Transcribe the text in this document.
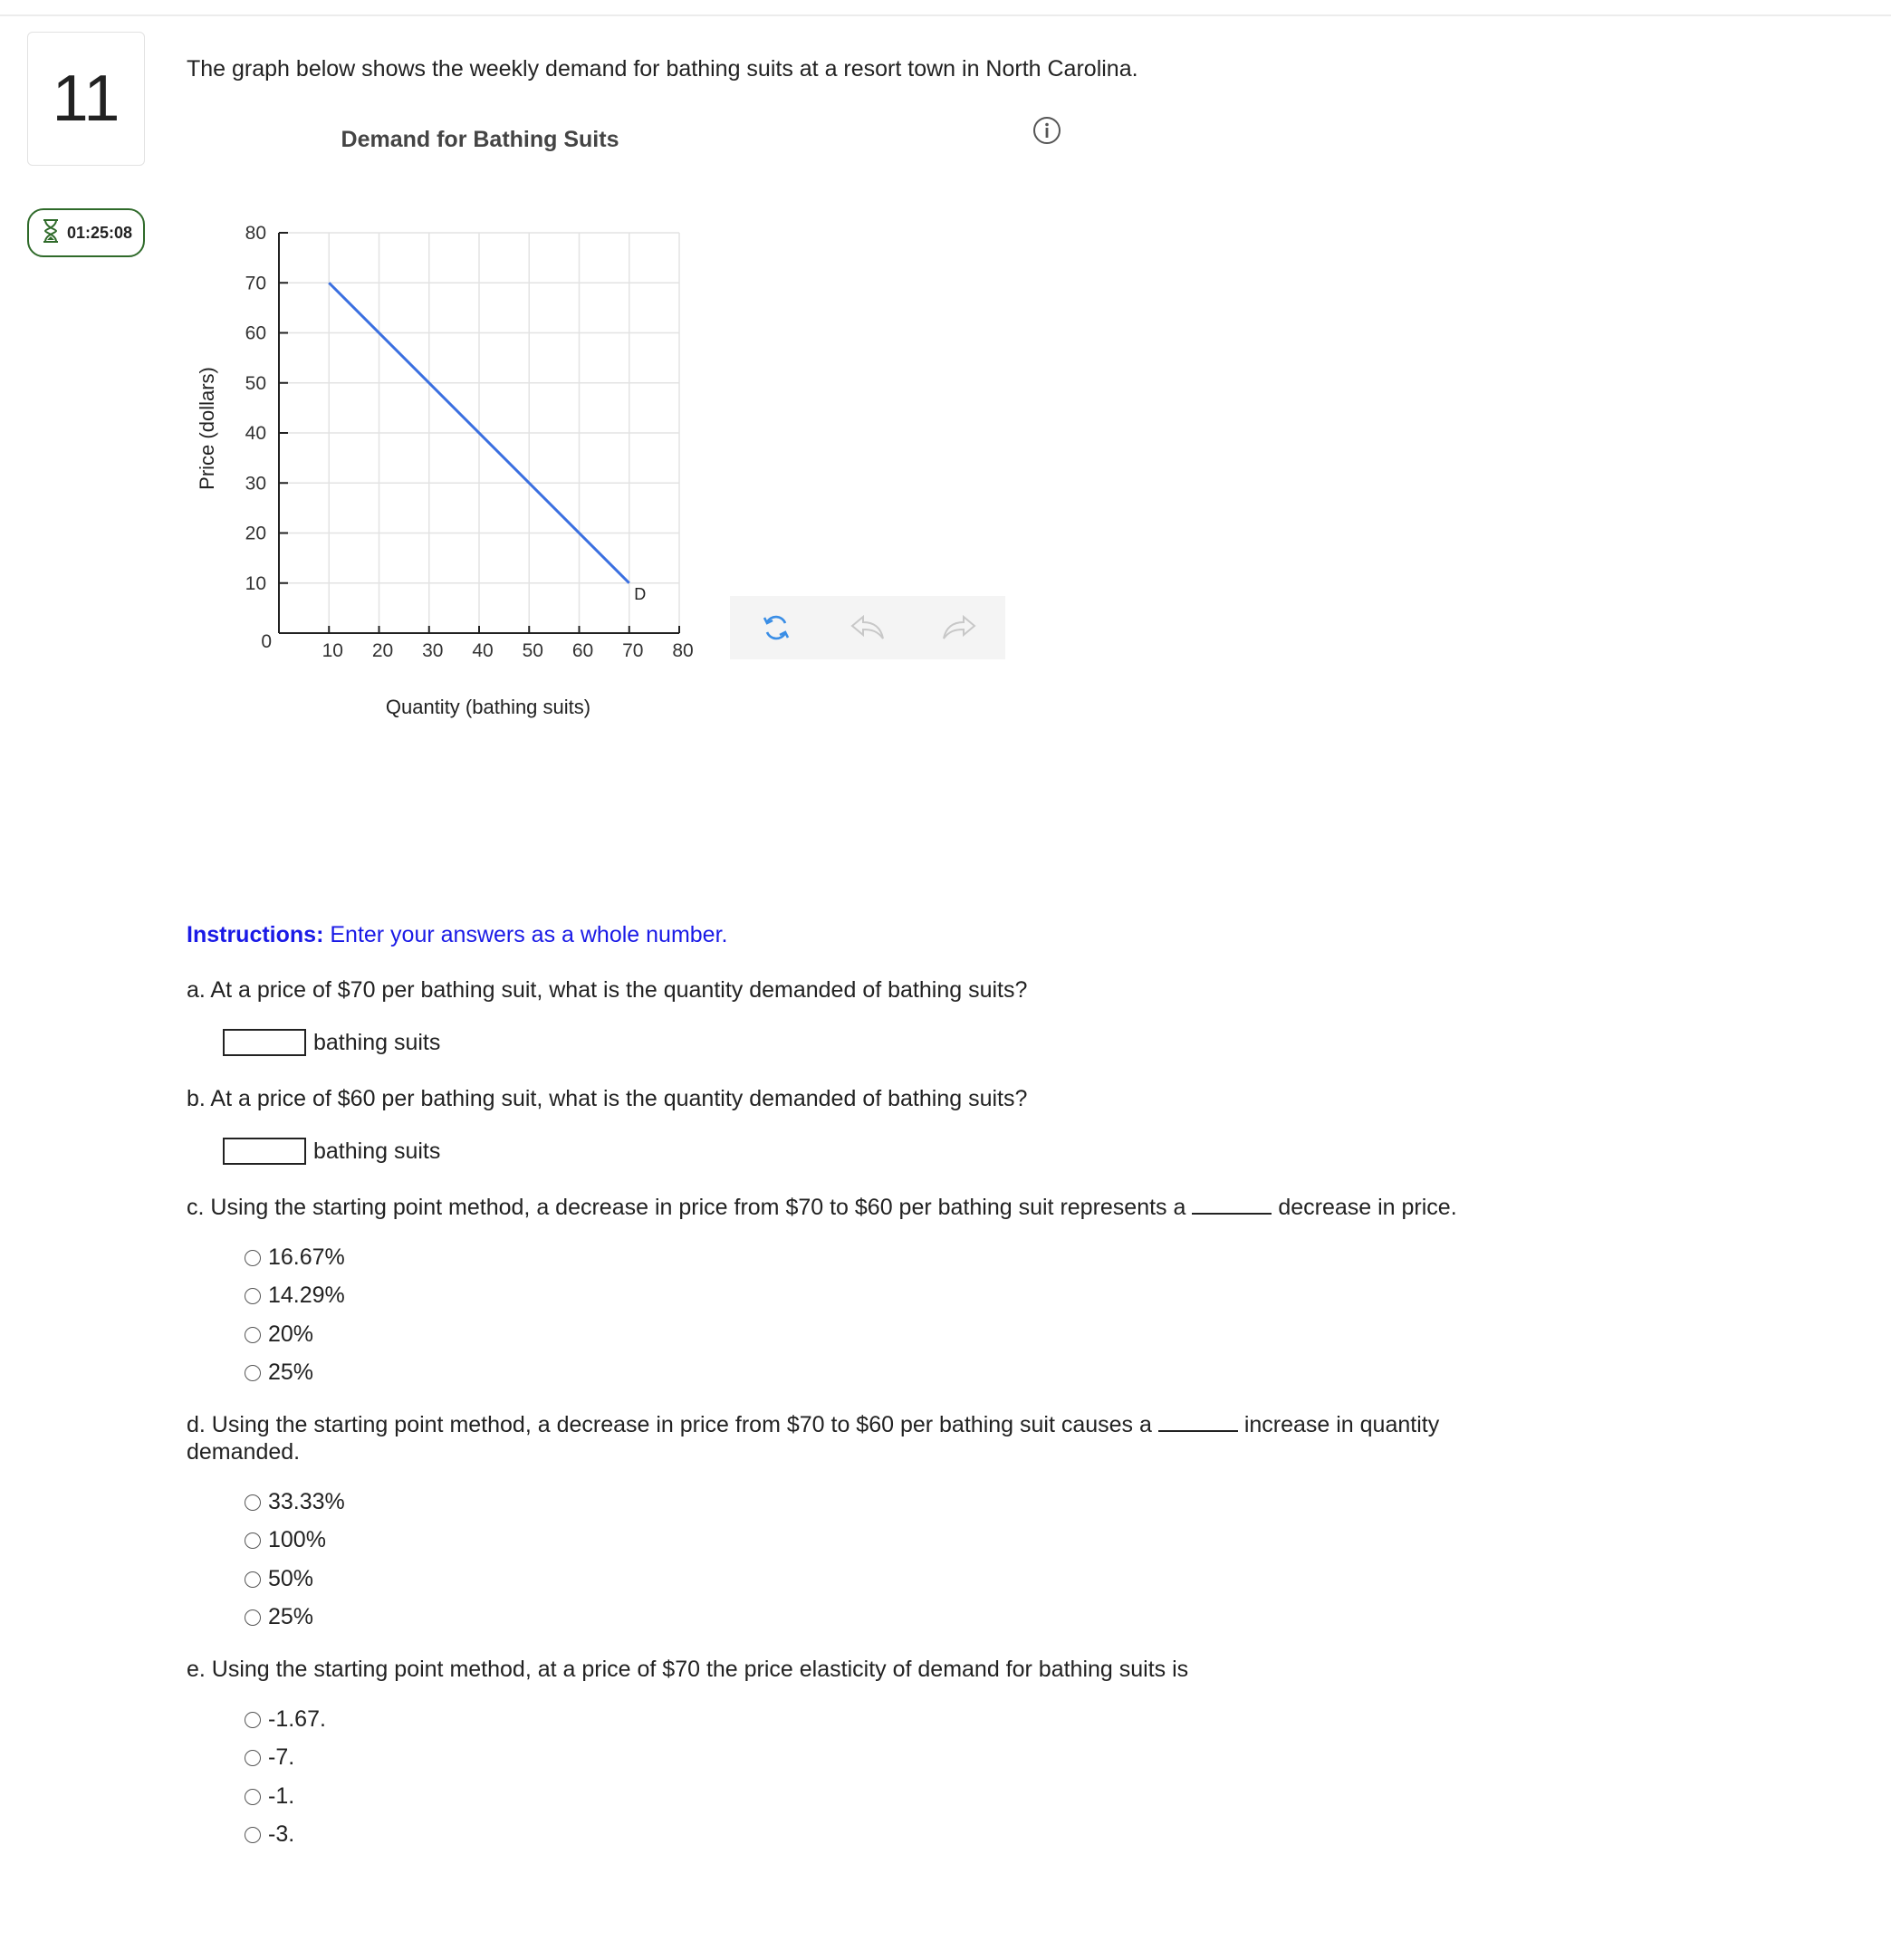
11
01:25:08
The graph below shows the weekly demand for bathing suits at a resort town in North Carolina.
Demand for Bathing Suits
10 20 30 40 50 60 70 80
80
70
60
50
40
30
20
10
0
D
Quantity (bathing suits)
Price (dollars)
Instructions: Enter your answers as a whole number.
a. At a price of $70 per bathing suit, what is the quantity demanded of bathing suits?
bathing suits
b. At a price of $60 per bathing suit, what is the quantity demanded of bathing suits?
bathing suits
c. Using the starting point method, a decrease in price from $70 to $60 per bathing suit represents a	decrease in price.
16.67%
14.29%
20%
25%
d. Using the starting point method, a decrease in price from $70 to $60 per bathing suit causes a	increase in quantity demanded.
33.33%
100%
50%
25%
e. Using the starting point method, at a price of $70 the price elasticity of demand for bathing suits is
-1.67.
-7.
-1.
-3.
